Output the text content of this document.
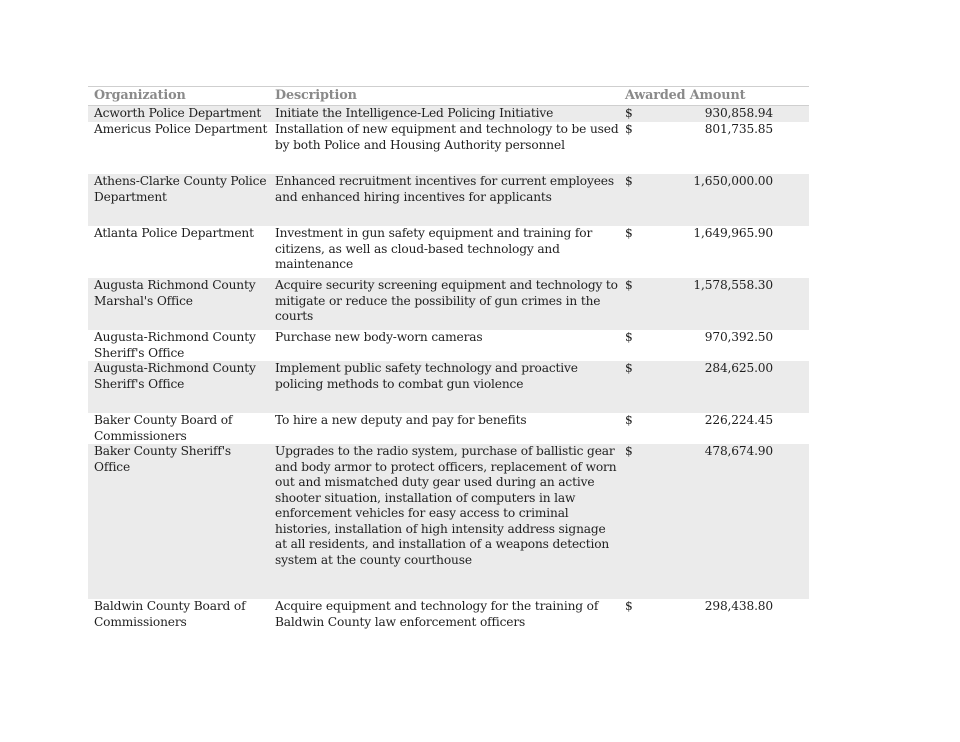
Organization	Description	Awarded Amount	
Acworth Police Department	Initiate the Intelligence-Led Policing Initiative	$	930,858.94
Americus Police Department	Installation of new equipment and technology to be used by both Police and Housing Authority personnel	$	801,735.85
Athens-Clarke County Police Department	Enhanced recruitment incentives for current employees and enhanced hiring incentives for applicants	$	1,650,000.00
Atlanta Police Department	Investment in gun safety equipment and training for citizens, as well as cloud-based technology and maintenance	$	1,649,965.90
Augusta Richmond County Marshal's Office	Acquire security screening equipment and technology to mitigate or reduce the possibility of gun crimes in the courts	$	1,578,558.30
Augusta-Richmond County Sheriff's Office	Purchase new body-worn cameras	$	970,392.50
Augusta-Richmond County Sheriff's Office	Implement public safety technology and proactive policing methods to combat gun violence	$	284,625.00
Baker County Board of Commissioners	To hire a new deputy and pay for benefits	$	226,224.45
Baker County Sheriff's Office	Upgrades to the radio system, purchase of ballistic gear and body armor to protect officers, replacement of worn out and mismatched duty gear used during an active shooter situation, installation of computers in law enforcement vehicles for easy access to criminal histories, installation of high intensity address signage at all residents, and installation of a weapons detection system at the county courthouse	$	478,674.90
Baldwin County Board of Commissioners	Acquire equipment and technology for the training of Baldwin County law enforcement officers	$	298,438.80
